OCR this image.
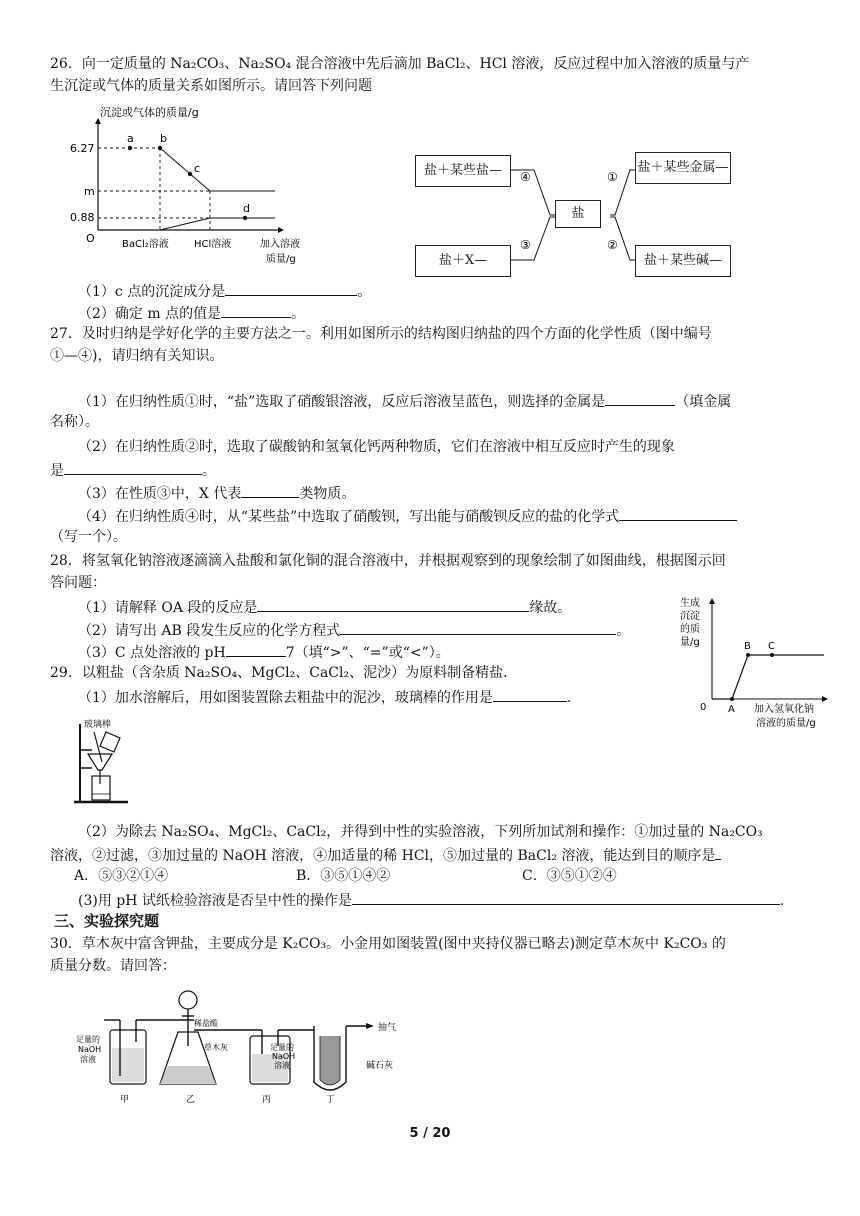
26．向一定质量的 Na₂CO₃、Na₂SO₄ 混合溶液中先后滴加 BaCl₂、HCl 溶液，反应过程中加入溶液的质量与产
生沉淀或气体的质量关系如图所示。请回答下列问题
沉淀或气体的质量/g
6.27
m
0.88
O
a b
c
d
BaCl₂溶液	HCl溶液	加入溶液
质量/g
④
③
①
②
盐＋某些盐—
盐＋X—
盐
盐＋某些金属—
盐＋某些碱—
（1）c 点的沉淀成分是	。
（2）确定 m 点的值是	。
27．及时归纳是学好化学的主要方法之一。利用如图所示的结构图归纳盐的四个方面的化学性质（图中编号
①—④)，请归纳有关知识。
（1）在归纳性质①时，“盐”选取了硝酸银溶液，反应后溶液呈蓝色，则选择的金属是	（填金属
名称）。
（2）在归纳性质②时，选取了碳酸钠和氢氧化钙两种物质，它们在溶液中相互反应时产生的现象
是	。
（3）在性质③中，X 代表	类物质。
（4）在归纳性质④时，从“某些盐”中选取了硝酸钡，写出能与硝酸钡反应的盐的化学式
（写一个）。
28．将氢氧化钠溶液逐滴滴入盐酸和氯化铜的混合溶液中，并根据观察到的现象绘制了如图曲线，根据图示回
答问题：
（1）请解释 OA 段的反应是	缘故。
（2）请写出 AB 段发生反应的化学方程式	。
（3）C 点处溶液的 pH	7（填“>”、“=”或“<”）。
生成
沉淀
的质
量/g	B C
0 A 加入氢氧化钠
溶液的质量/g
29．以粗盐（含杂质 Na₂SO₄、MgCl₂、CaCl₂、泥沙）为原料制备精盐．
（1）加水溶解后，用如图装置除去粗盐中的泥沙，玻璃棒的作用是	.
玻璃棒
（2）为除去 Na₂SO₄、MgCl₂、CaCl₂，并得到中性的实验溶液，下列所加试剂和操作：①加过量的 Na₂CO₃
溶液，②过滤，③加过量的 NaOH 溶液，④加适量的稀 HCl，⑤加过量的 BaCl₂ 溶液，能达到目的顺序是
A．⑤③②①④	B．③⑤①④②	C．③⑤①②④
(3)用 pH 试纸检验溶液是否呈中性的操作是	.
三、实验探究题
30．草木灰中富含钾盐，主要成分是 K₂CO₃。小金用如图装置(图中夹持仪器已略去)测定草木灰中 K₂CO₃ 的
质量分数。请回答：
足量的
NaOH
溶液
稀盐酸
草木灰	足量的
NaOH
溶液
抽气
碱石灰
甲	乙	丙	丁
5 / 20
